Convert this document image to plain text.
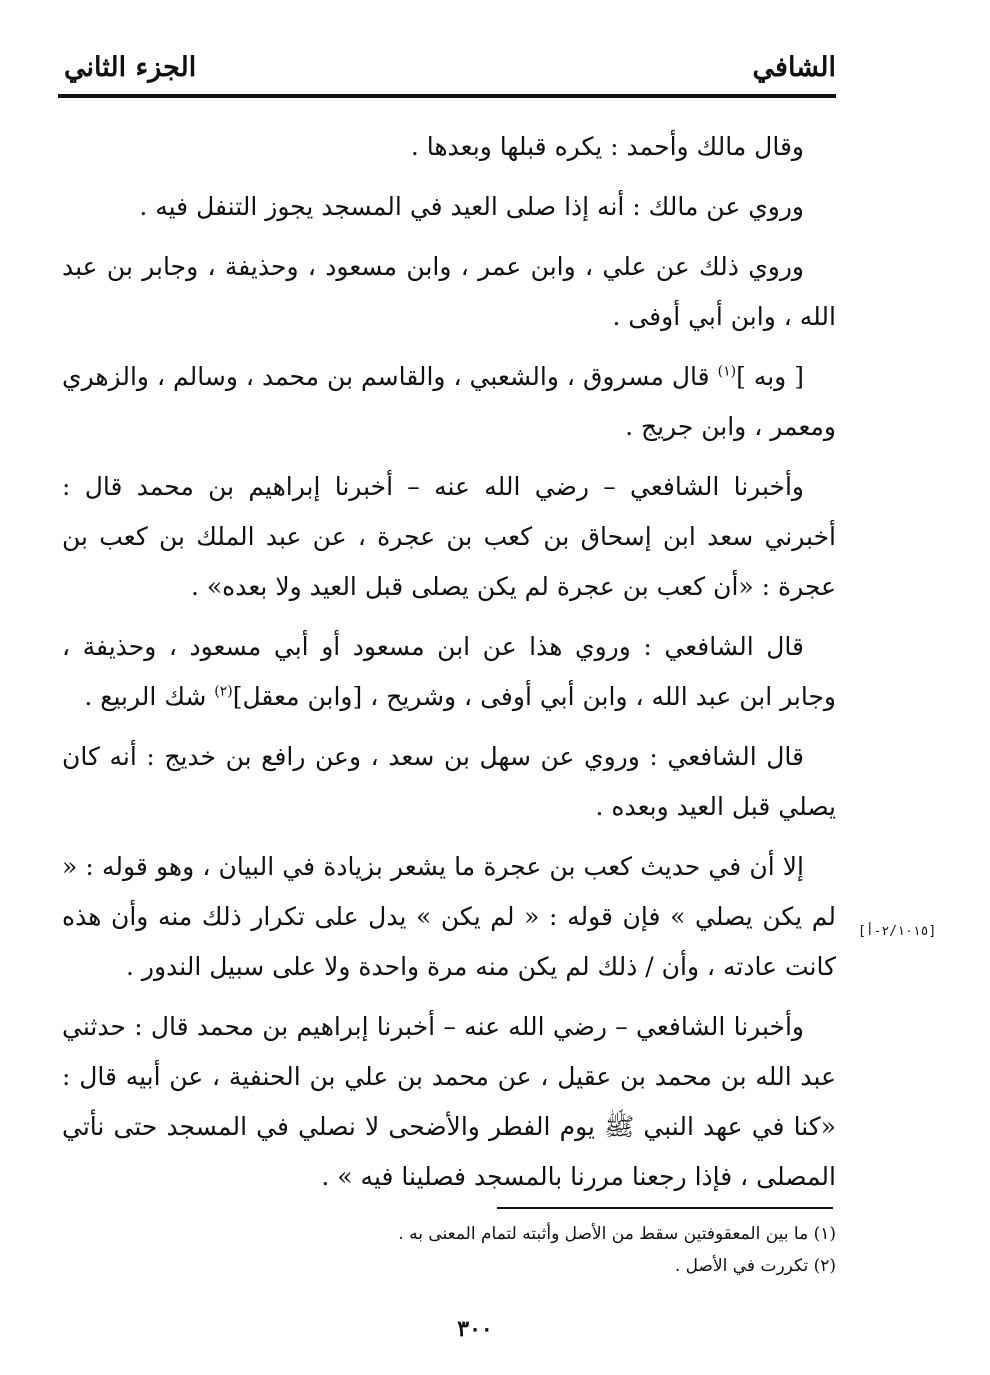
الشافي
الجزء الثاني

وقال مالك وأحمد : يكره قبلها وبعدها .

وروي عن مالك : أنه إذا صلى العيد في المسجد يجوز التنفل فيه .

وروي ذلك عن علي ، وابن عمر ، وابن مسعود ، وحذيفة ، وجابر بن عبد الله ، وابن أبي أوفى .

[ وبه ]$^{(١)}$ قال مسروق ، والشعبي ، والقاسم بن محمد ، وسالم ، والزهري ومعمر ، وابن جريج .

وأخبرنا الشافعي – رضي الله عنه – أخبرنا إبراهيم بن محمد قال : أخبرني سعد ابن إسحاق بن كعب بن عجرة ، عن عبد الملك بن كعب بن عجرة : «أن كعب بن عجرة لم يكن يصلى قبل العيد ولا بعده» .

قال الشافعي : وروي هذا عن ابن مسعود أو أبي مسعود ، وحذيفة ، وجابر ابن عبد الله ، وابن أبي أوفى ، وشريح ، [وابن معقل]$^{(٢)}$ شك الربيع .

قال الشافعي : وروي عن سهل بن سعد ، وعن رافع بن خديج : أنه كان يصلي قبل العيد وبعده .

إلا أن في حديث كعب بن عجرة ما يشعر بزيادة في البيان ، وهو قوله : « لم يكن يصلي » فإن قوله : « لم يكن » يدل على تكرار ذلك منه وأن هذه كانت عادته ، وأن / ذلك لم يكن منه مرة واحدة ولا على سبيل الندور .

وأخبرنا الشافعي – رضي الله عنه – أخبرنا إبراهيم بن محمد قال : حدثني عبد الله بن محمد بن عقيل ، عن محمد بن علي بن الحنفية ، عن أبيه قال : «كنا في عهد النبي ﷺ يوم الفطر والأضحى لا نصلي في المسجد حتى نأتي المصلى ، فإذا رجعنا مررنا بالمسجد فصلينا فيه » .

[٢/١٠١٥-أ]

(١) ما بين المعقوفتين سقط من الأصل وأثبته لتمام المعنى به .

(٢) تكررت في الأصل .

٣٠٠
